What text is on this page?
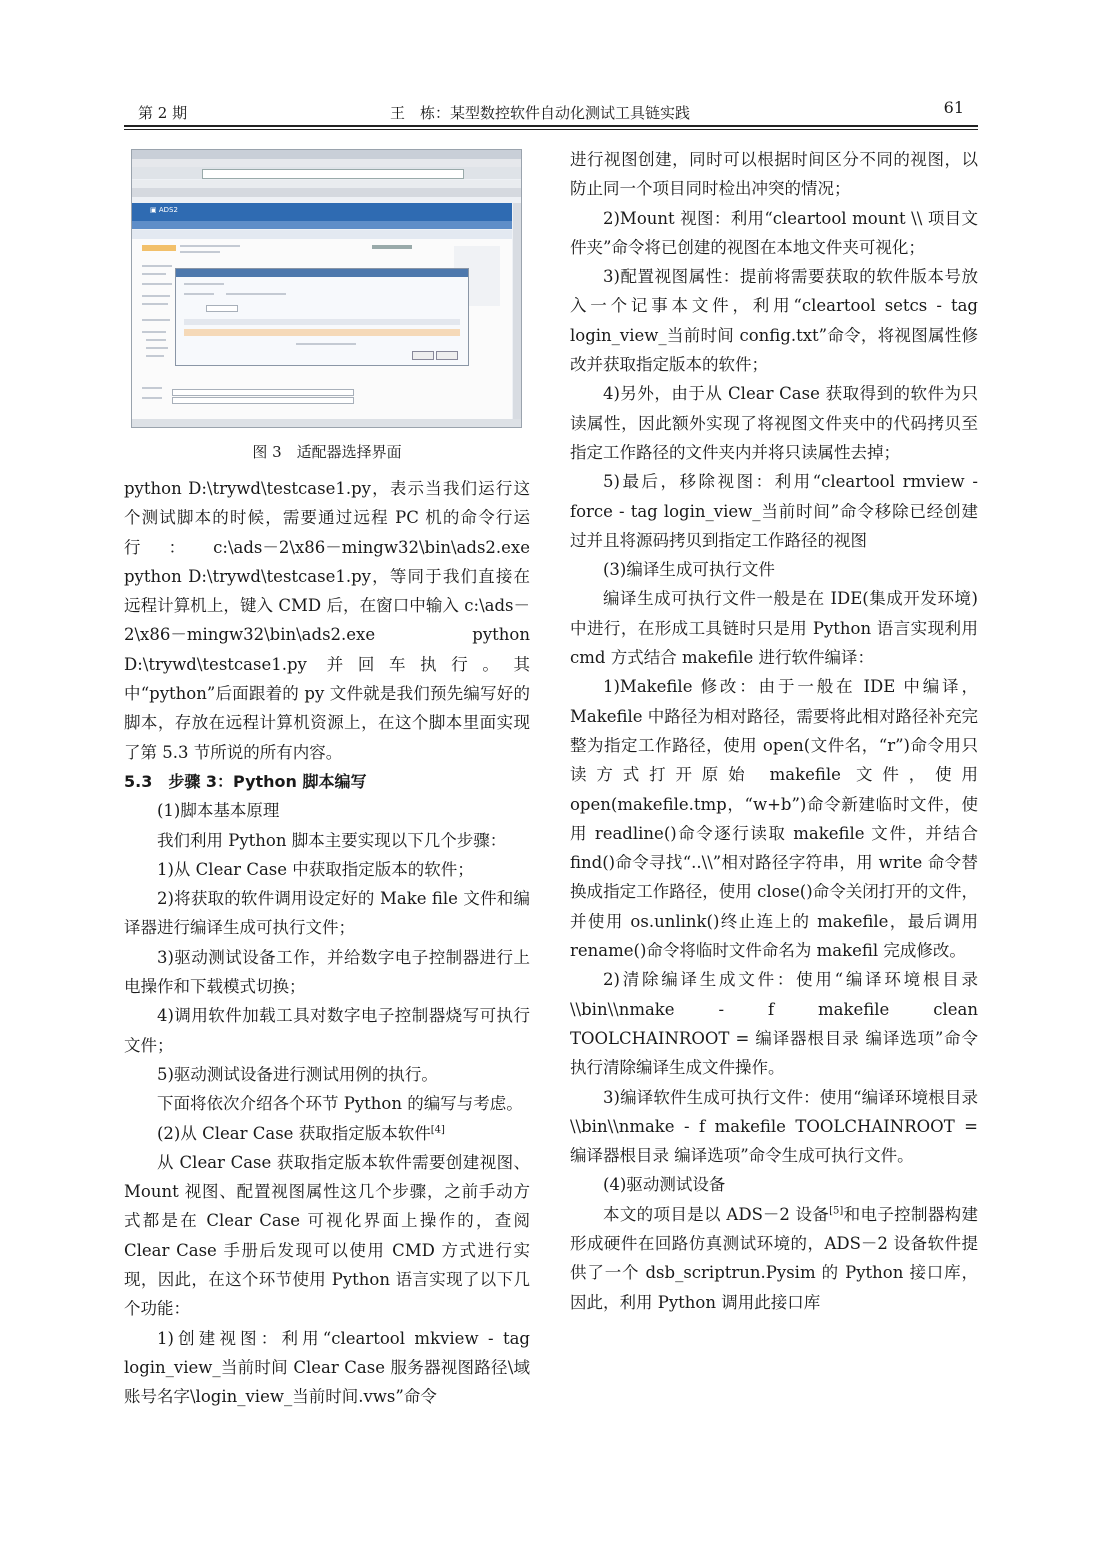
第 2 期	王　栋：某型数控软件自动化测试工具链实践	61
▣ ADS2
图 3　适配器选择界面

python D:\trywd\testcase1.py，表示当我们运行这个测试脚本的时候，需要通过远程 PC 机的命令行运行：c:\ads－2\x86－mingw32\bin\ads2.exe python D:\trywd\testcase1.py，等同于我们直接在远程计算机上，键入 CMD 后，在窗口中输入 c:\ads－2\x86－mingw32\bin\ads2.exe python D:\trywd\testcase1.py 并回车执行。其中“python”后面跟着的 py 文件就是我们预先编写好的脚本，存放在远程计算机资源上，在这个脚本里面实现了第 5.3 节所说的所有内容。

5.3　步骤 3：Python 脚本编写

(1)脚本基本原理

我们利用 Python 脚本主要实现以下几个步骤：

1)从 Clear Case 中获取指定版本的软件；

2)将获取的软件调用设定好的 Make file 文件和编译器进行编译生成可执行文件；

3)驱动测试设备工作，并给数字电子控制器进行上电操作和下载模式切换；

4)调用软件加载工具对数字电子控制器烧写可执行文件；

5)驱动测试设备进行测试用例的执行。

下面将依次介绍各个环节 Python 的编写与考虑。

(2)从 Clear Case 获取指定版本软件[4]

从 Clear Case 获取指定版本软件需要创建视图、Mount 视图、配置视图属性这几个步骤，之前手动方式都是在 Clear Case 可视化界面上操作的，查阅 Clear Case 手册后发现可以使用 CMD 方式进行实现，因此，在这个环节使用 Python 语言实现了以下几个功能：

1)创建视图：利用“cleartool mkview - tag login_view_当前时间 Clear Case 服务器视图路径\域账号名字\login_view_当前时间.vws”命令

进行视图创建，同时可以根据时间区分不同的视图，以防止同一个项目同时检出冲突的情况；

2)Mount 视图：利用“cleartool mount \\ 项目文件夹”命令将已创建的视图在本地文件夹可视化；

3)配置视图属性：提前将需要获取的软件版本号放入一个记事本文件，利用“cleartool setcs - tag login_view_当前时间 config.txt”命令，将视图属性修改并获取指定版本的软件；

4)另外，由于从 Clear Case 获取得到的软件为只读属性，因此额外实现了将视图文件夹中的代码拷贝至指定工作路径的文件夹内并将只读属性去掉；

5)最后，移除视图：利用“cleartool rmview - force - tag login_view_当前时间”命令移除已经创建过并且将源码拷贝到指定工作路径的视图

(3)编译生成可执行文件

编译生成可执行文件一般是在 IDE(集成开发环境)中进行，在形成工具链时只是用 Python 语言实现利用 cmd 方式结合 makefile 进行软件编译：

1)Makefile 修改：由于一般在 IDE 中编译，Makefile 中路径为相对路径，需要将此相对路径补充完整为指定工作路径，使用 open(文件名，“r”)命令用只读方式打开原始 makefile 文件，使用 open(makefile.tmp，“w+b”)命令新建临时文件，使用 readline()命令逐行读取 makefile 文件，并结合 find()命令寻找“..\\”相对路径字符串，用 write 命令替换成指定工作路径，使用 close()命令关闭打开的文件，并使用 os.unlink()终止连上的 makefile，最后调用 rename()命令将临时文件命名为 makefil 完成修改。

2)清除编译生成文件：使用“编译环境根目录\\bin\\nmake - f makefile clean TOOLCHAINROOT = 编译器根目录 编译选项”命令执行清除编译生成文件操作。

3)编译软件生成可执行文件：使用“编译环境根目录\\bin\\nmake - f makefile TOOLCHAINROOT = 编译器根目录 编译选项”命令生成可执行文件。

(4)驱动测试设备

本文的项目是以 ADS－2 设备[5]和电子控制器构建形成硬件在回路仿真测试环境的，ADS－2 设备软件提供了一个 dsb_scriptrun.Pysim 的 Python 接口库，因此，利用 Python 调用此接口库
